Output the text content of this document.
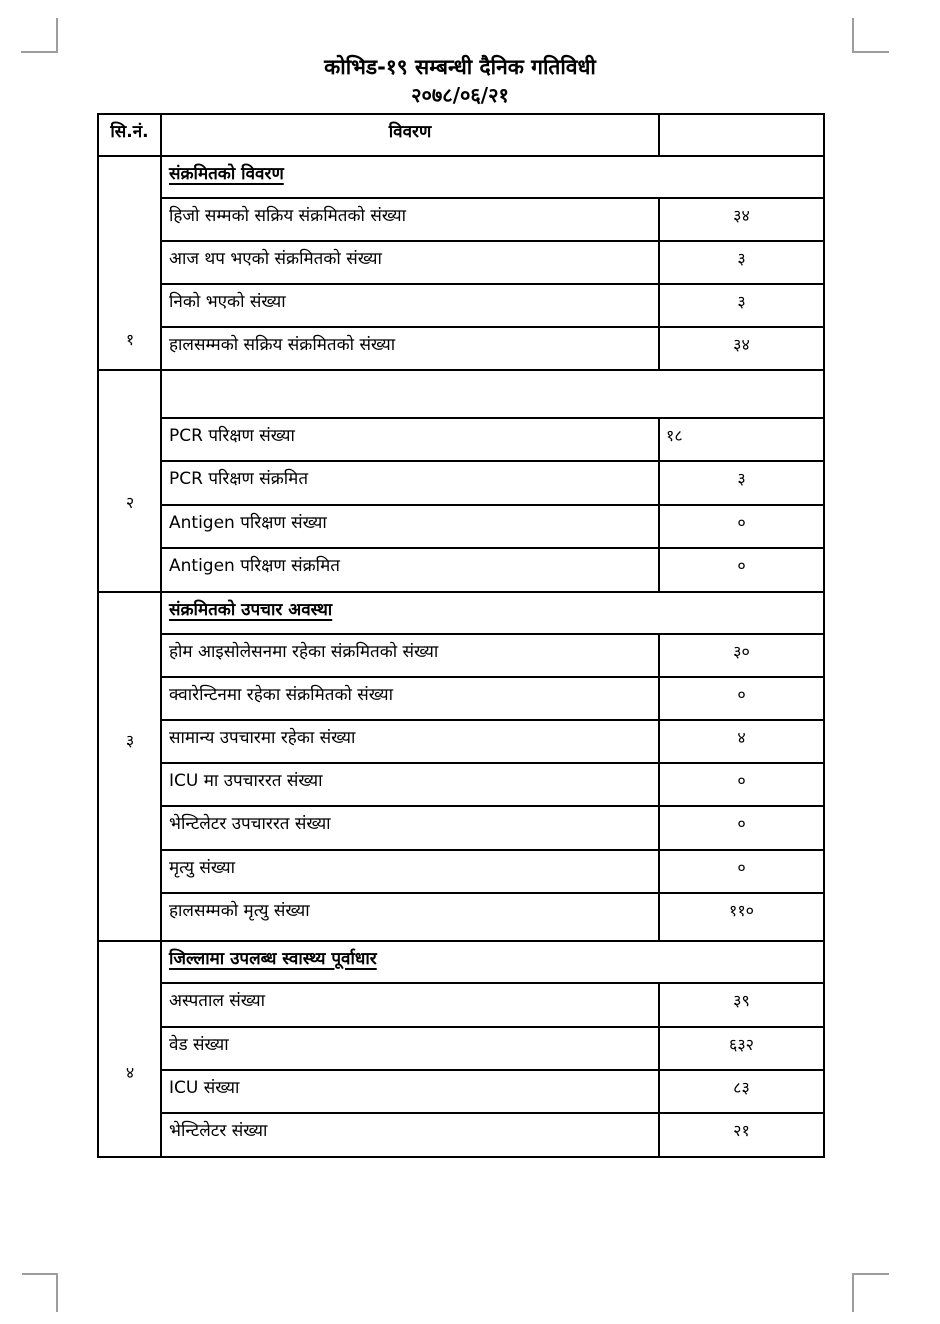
कोभिड-१९ सम्बन्धी दैनिक गतिविधी
२०७८/०६/२१
सि.नं.	विवरण	
१	संक्रमितको विवरण	
	हिजो सम्मको सक्रिय संक्रमितको संख्या	३४
	आज थप भएको संक्रमितको संख्या	३
	निको भएको संख्या	३
	हालसम्मको सक्रिय संक्रमितको संख्या	३४
२		
	PCR परिक्षण संख्या	१८
	PCR परिक्षण संक्रमित	३
	Antigen परिक्षण संख्या	०
	Antigen परिक्षण संक्रमित	०
३	संक्रमितको उपचार अवस्था	
	होम आइसोलेसनमा रहेका संक्रमितको संख्या	३०
	क्वारेन्टिनमा रहेका संक्रमितको संख्या	०
	सामान्य उपचारमा रहेका संख्या	४
	ICU मा उपचाररत संख्या	०
	भेन्टिलेटर उपचाररत संख्या	०
	मृत्यु संख्या	०
	हालसम्मको मृत्यु संख्या	११०
४	जिल्लामा उपलब्ध स्वास्थ्य पूर्वाधार	
	अस्पताल संख्या	३९
	वेड संख्या	६३२
	ICU संख्या	८३
	भेन्टिलेटर संख्या	२१
